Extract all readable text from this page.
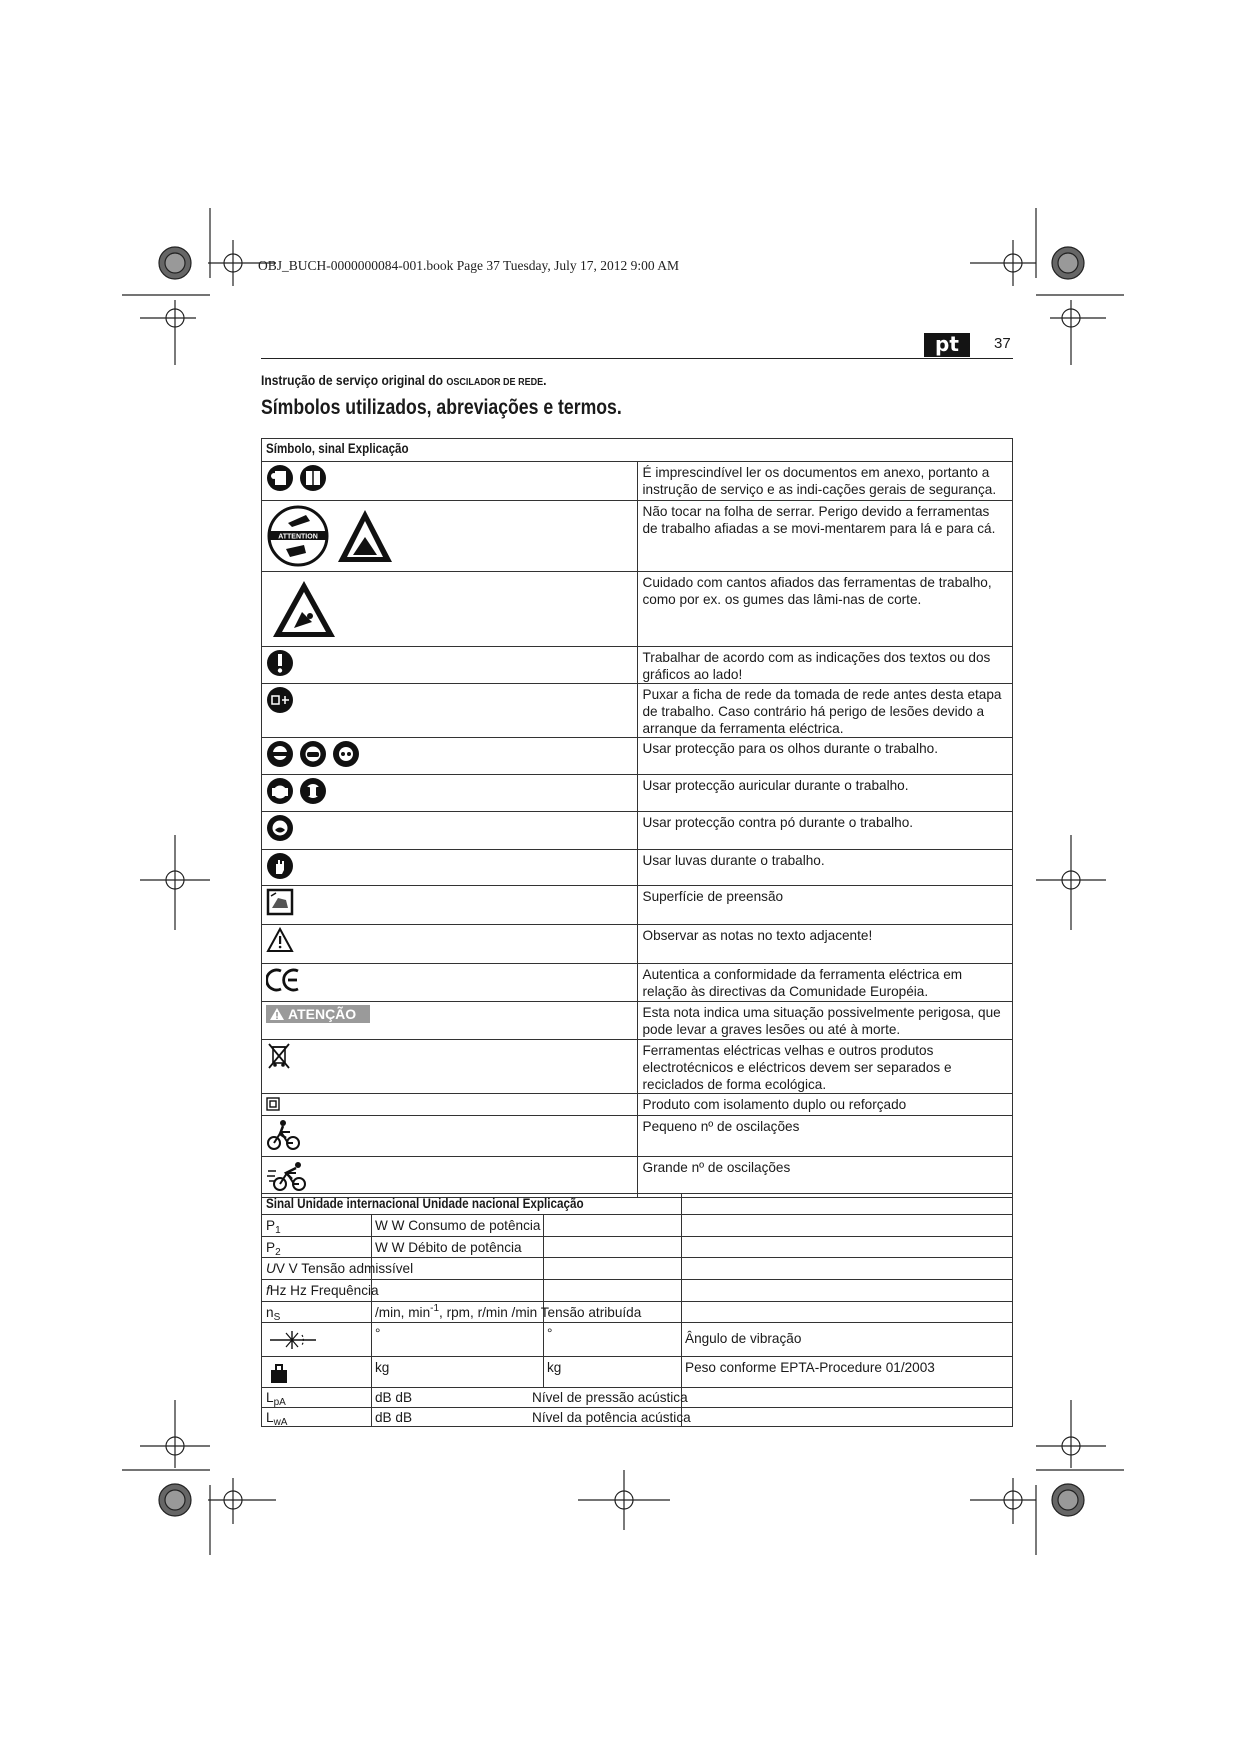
OBJ_BUCH-0000000084-001.book Page 37 Tuesday, July 17, 2012 9:00 AM
pt	37
Instrução de serviço original do OSCILADOR DE REDE.
Símbolos utilizados, abreviações e termos.
Símbolo, sinal Explicação	

	É imprescindível ler os documentos em anexo, portanto a instrução de serviço e as indi-cações gerais de segurança.

ATTENTION	Não tocar na folha de serrar. Perigo devido a ferramentas de trabalho afiadas a se movi-mentarem para lá e para cá.

	Cuidado com cantos afiados das ferramentas de trabalho, como por ex. os gumes das lâmi-nas de corte.

	Trabalhar de acordo com as indicações dos textos ou dos gráficos ao lado!

	Puxar a ficha de rede da tomada de rede antes desta etapa de trabalho. Caso contrário há perigo de lesões devido a arranque da ferramenta eléctrica.

	Usar protecção para os olhos durante o trabalho.

	Usar protecção auricular durante o trabalho.

	Usar protecção contra pó durante o trabalho.

	Usar luvas durante o trabalho.

	Superfície de preensão

	Observar as notas no texto adjacente!

	Autentica a conformidade da ferramenta eléctrica em relação às directivas da Comunidade Européia.

ATENÇÃO	Esta nota indica uma situação possivelmente perigosa, que pode levar a graves lesões ou até à morte.

	Ferramentas eléctricas velhas e outros produtos electrotécnicos e eléctricos devem ser separados e reciclados de forma ecológica.

	Produto com isolamento duplo ou reforçado

	Pequeno nº de oscilações

	Grande nº de oscilações
Sinal Unidade internacional Unidade nacional Explicação
$P_1$	W W Consumo de potência
$P_2$	W W Débito de potência
UV V Tensão admissível
fHz Hz Frequência
$n_S$	/min, $\min^{-1}$, rpm, r/min /min Tensão atribuída
°	°	Ângulo de vibração
kg	kg	Peso conforme EPTA-Procedure 01/2003
$L_{pA}$	dB dB	Nível de pressão acústica
$L_{wA}$	dB dB	Nível da potência acústica
